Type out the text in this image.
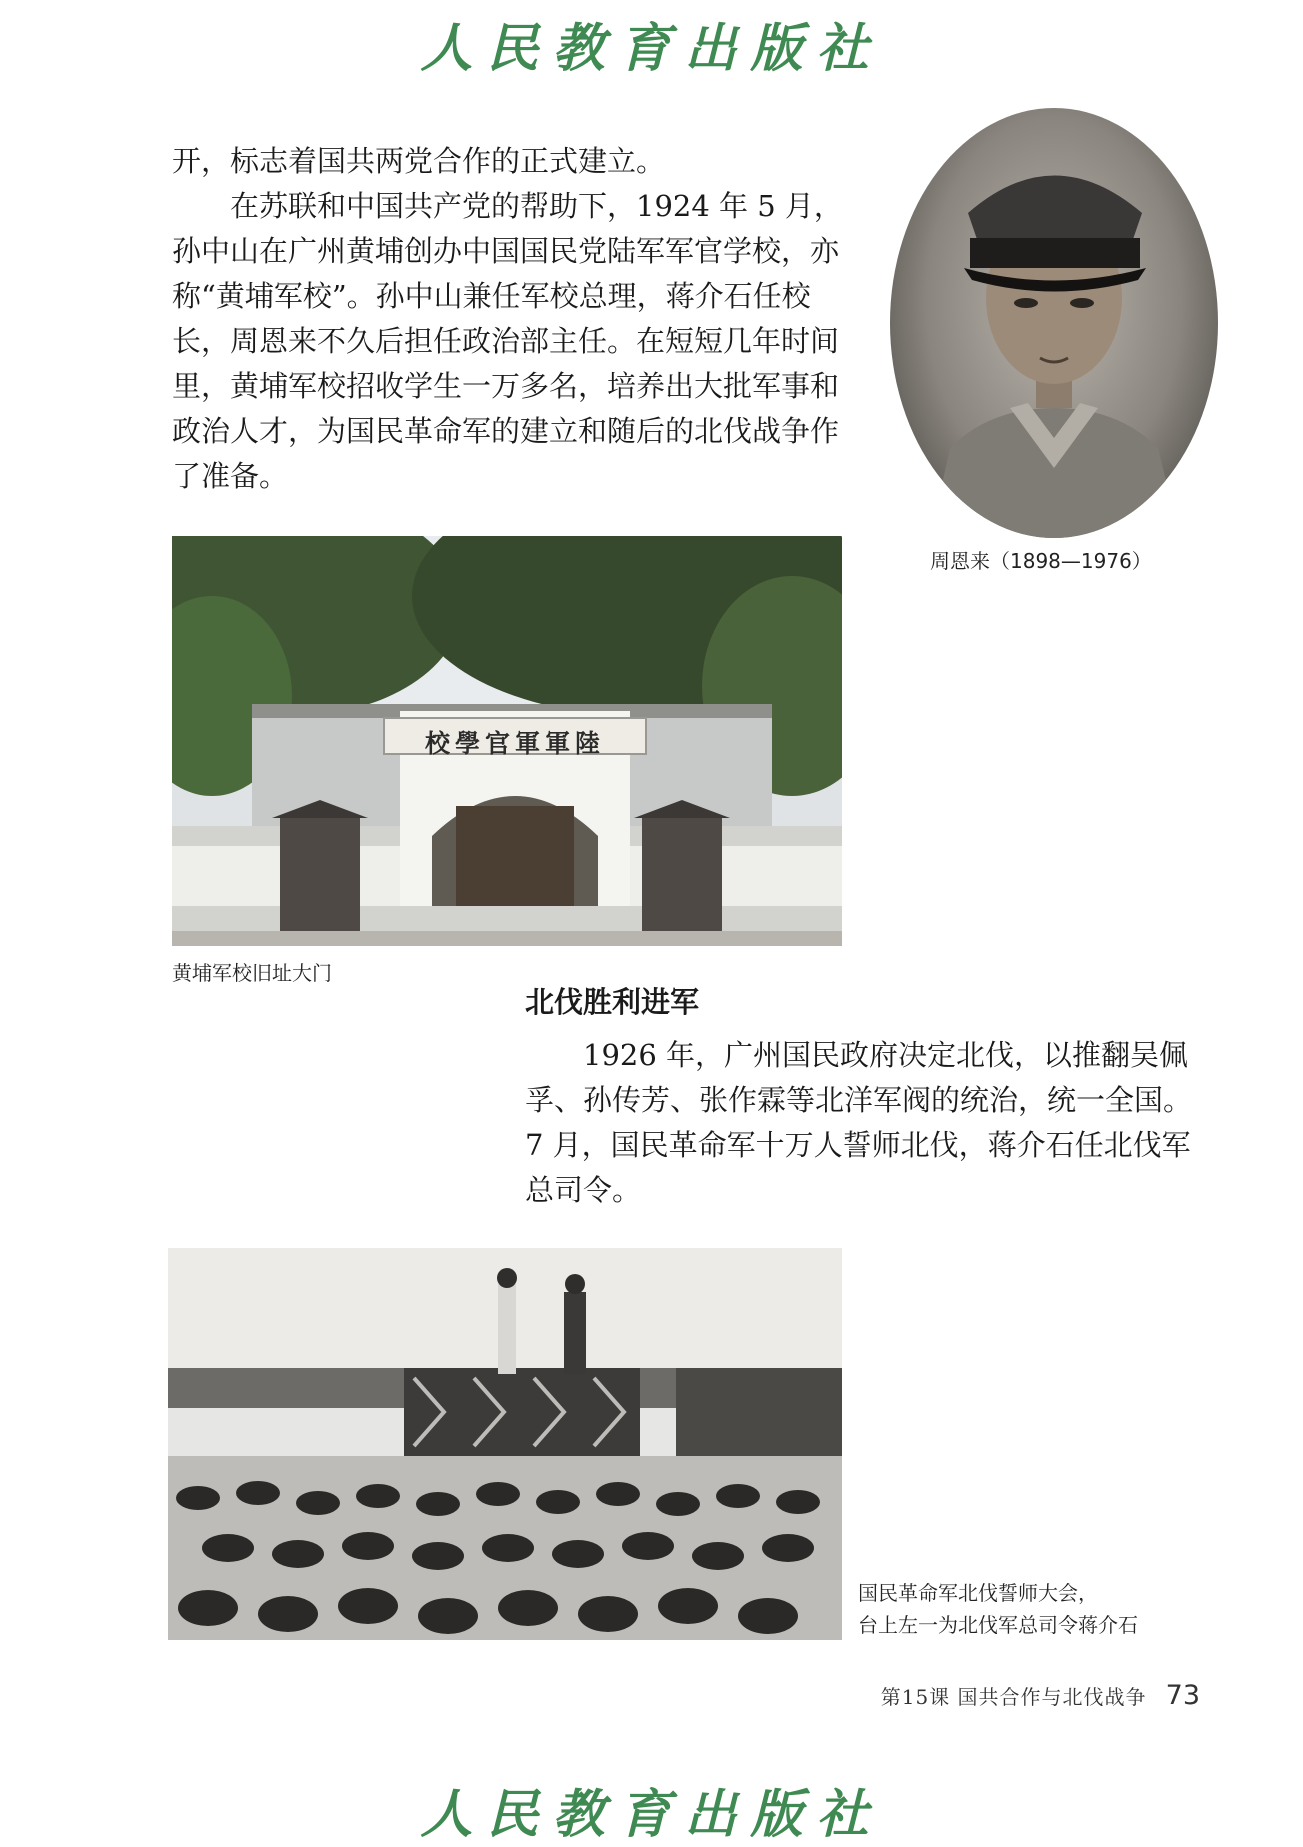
人民教育出版社

开，标志着国共两党合作的正式建立。

在苏联和中国共产党的帮助下，1924 年 5 月，孙中山在广州黄埔创办中国国民党陆军军官学校，亦称“黄埔军校”。孙中山兼任军校总理，蒋介石任校长，周恩来不久后担任政治部主任。在短短几年时间里，黄埔军校招收学生一万多名，培养出大批军事和政治人才，为国民革命军的建立和随后的北伐战争作了准备。

周恩来（1898—1976）
校學官軍軍陸
黄埔军校旧址大门
北伐胜利进军

1926 年，广州国民政府决定北伐，以推翻吴佩孚、孙传芳、张作霖等北洋军阀的统治，统一全国。7 月，国民革命军十万人誓师北伐，蒋介石任北伐军总司令。

国民革命军北伐誓师大会，
台上左一为北伐军总司令蒋介石
第15课 国共合作与北伐战争 73
人民教育出版社
